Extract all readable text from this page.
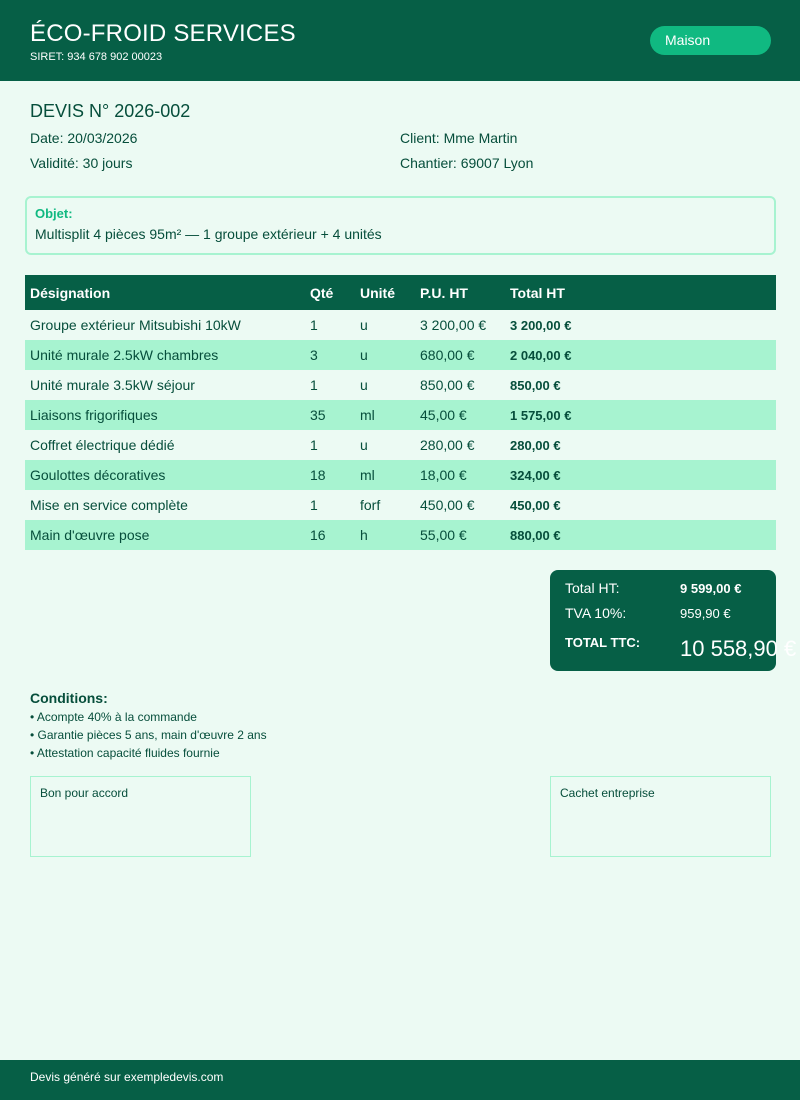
ÉCO-FROID SERVICES
SIRET: 934 678 902 00023
Maison
DEVIS N° 2026-002
Date: 20/03/2026
Validité: 30 jours
Client: Mme Martin
Chantier: 69007 Lyon
Objet:
Multisplit 4 pièces 95m² — 1 groupe extérieur + 4 unités
Désignation	Qté	Unité	P.U. HT	Total HT
Groupe extérieur Mitsubishi 10kW	1	u	3 200,00 €	3 200,00 €
Unité murale 2.5kW chambres	3	u	680,00 €	2 040,00 €
Unité murale 3.5kW séjour	1	u	850,00 €	850,00 €
Liaisons frigorifiques	35	ml	45,00 €	1 575,00 €
Coffret électrique dédié	1	u	280,00 €	280,00 €
Goulottes décoratives	18	ml	18,00 €	324,00 €
Mise en service complète	1	forf	450,00 €	450,00 €
Main d'œuvre pose	16	h	55,00 €	880,00 €
Total HT:	9 599,00 €
TVA 10%:	959,90 €
TOTAL TTC: 10 558,90 €
Conditions:
• Acompte 40% à la commande
• Garantie pièces 5 ans, main d'œuvre 2 ans
• Attestation capacité fluides fournie
Bon pour accord	Cachet entreprise
Devis généré sur exempledevis.com
